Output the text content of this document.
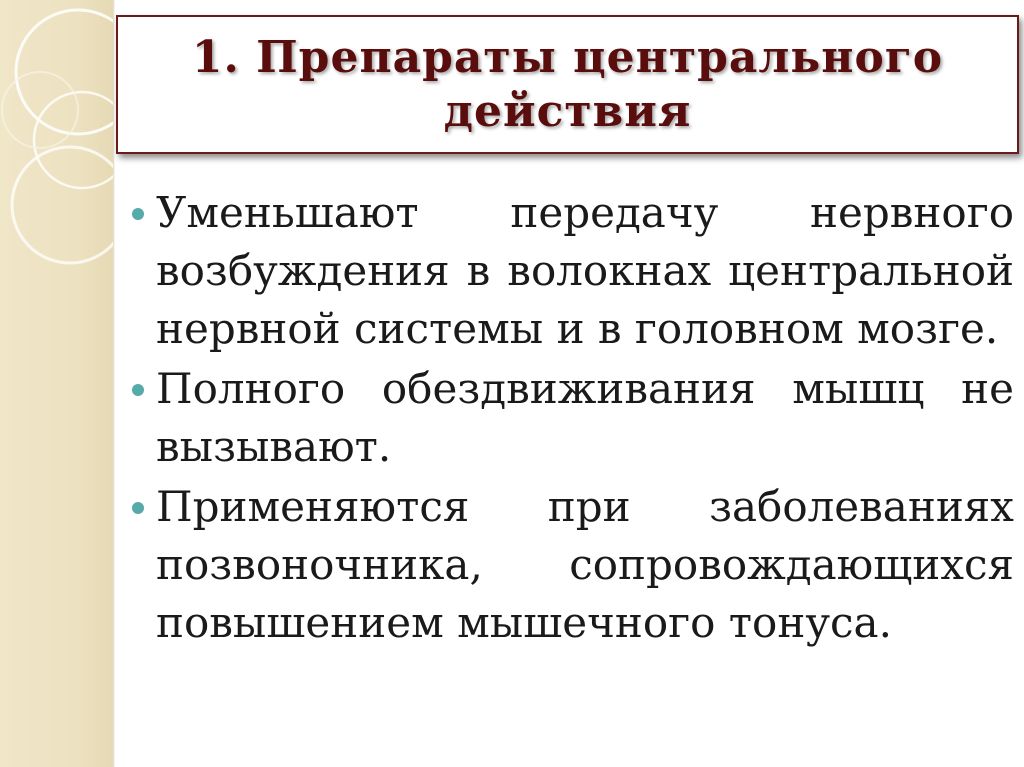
1. Препараты центрального действия
Уменьшают передачу нервного возбуждения в волокнах центральной нервной системы и в головном мозге.
Полного обездвиживания мышц не вызывают.
Применяются при заболеваниях позвоночника, сопровождающихся повышением мышечного тонуса.
